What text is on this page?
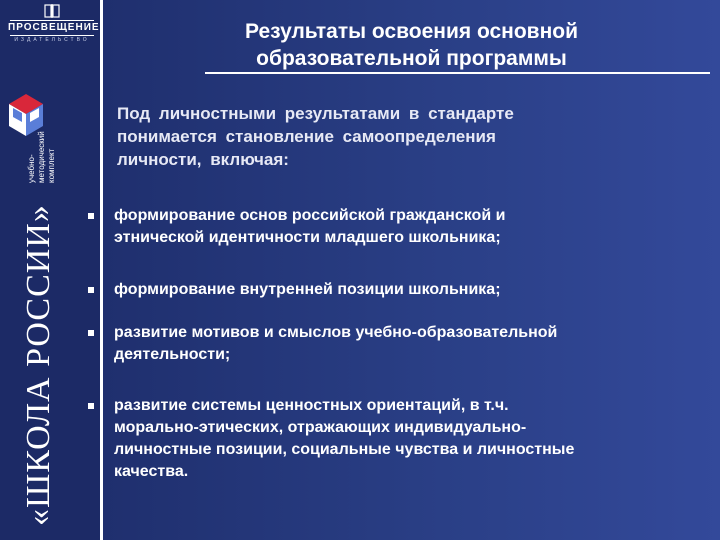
ПРОСВЕЩЕНИЕ
ИЗДАТЕЛЬСТВО
учебно- методический комплект
«ШКОЛА РОССИИ»
Результаты освоения основной
образовательной программы
Под личностными результатами в стандарте
понимается становление самоопределения
личности, включая:
формирование основ российской гражданской и
этнической идентичности младшего школьника;
формирование внутренней позиции школьника;
развитие мотивов и смыслов учебно-образовательной
деятельности;
развитие системы ценностных ориентаций, в т.ч.
морально-этических, отражающих индивидуально-
личностные позиции, социальные чувства и личностные
качества.
